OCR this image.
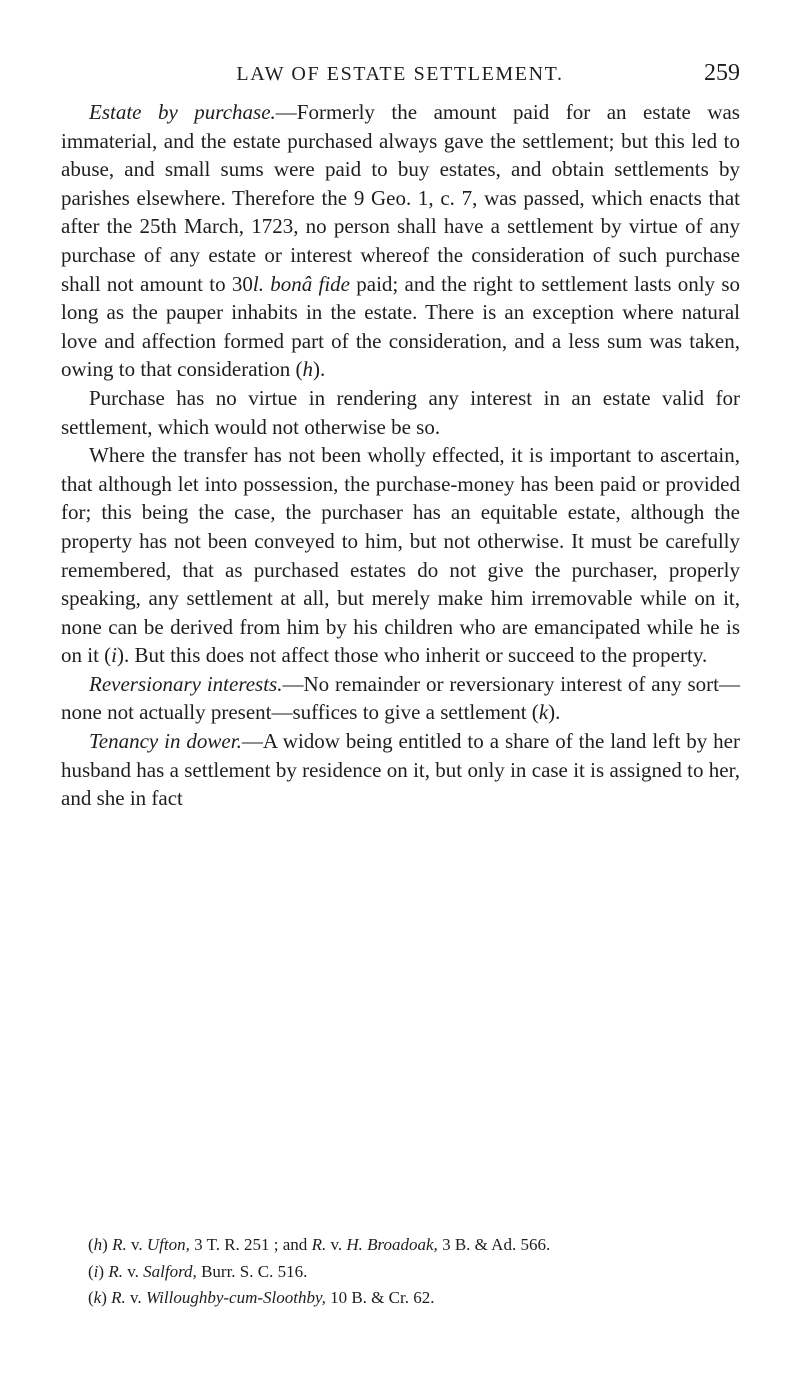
LAW OF ESTATE SETTLEMENT.	259

Estate by purchase.—Formerly the amount paid for an estate was immaterial, and the estate purchased always gave the settlement; but this led to abuse, and small sums were paid to buy estates, and obtain settlements by parishes elsewhere. Therefore the 9 Geo. 1, c. 7, was passed, which enacts that after the 25th March, 1723, no person shall have a settlement by virtue of any purchase of any estate or interest whereof the consideration of such purchase shall not amount to 30l. bonâ fide paid; and the right to settlement lasts only so long as the pauper inhabits in the estate. There is an exception where natural love and affection formed part of the consideration, and a less sum was taken, owing to that consideration (h).

Purchase has no virtue in rendering any interest in an estate valid for settlement, which would not otherwise be so.

Where the transfer has not been wholly effected, it is important to ascertain, that although let into possession, the purchase-money has been paid or provided for; this being the case, the purchaser has an equitable estate, although the property has not been conveyed to him, but not otherwise. It must be carefully remembered, that as purchased estates do not give the purchaser, properly speaking, any settlement at all, but merely make him irremovable while on it, none can be derived from him by his children who are emancipated while he is on it (i). But this does not affect those who inherit or succeed to the property.

Reversionary interests.—No remainder or reversionary interest of any sort—none not actually present—suffices to give a settlement (k).

Tenancy in dower.—A widow being entitled to a share of the land left by her husband has a settlement by residence on it, but only in case it is assigned to her, and she in fact

(h) R. v. Ufton, 3 T. R. 251 ; and R. v. H. Broadoak, 3 B. & Ad. 566.
(i) R. v. Salford, Burr. S. C. 516.
(k) R. v. Willoughby-cum-Sloothby, 10 B. & Cr. 62.
